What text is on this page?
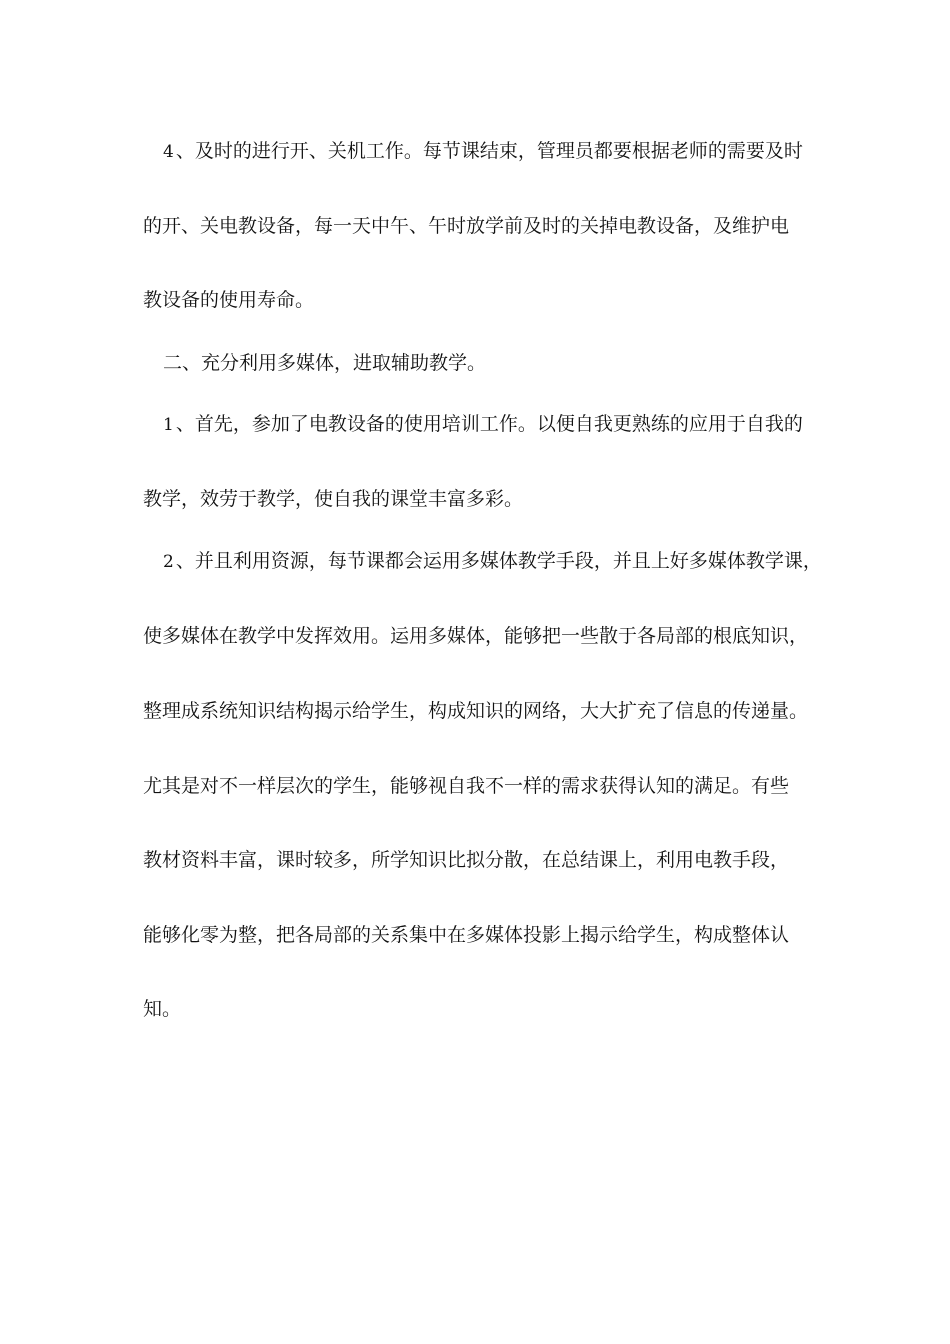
4 、及时的进行开、关机工作。每节课结束，管理员都要根据老师的需要及时
的开、关电教设备，每一天中午、午时放学前及时的关掉电教设备，及维护电
教设备的使用寿命。
二、充分利用多媒体，进取辅助教学。
1 、首先，参加了电教设备的使用培训工作。以便自我更熟练的应用于自我的
教学，效劳于教学，使自我的课堂丰富多彩。
2 、并且利用资源，每节课都会运用多媒体教学手段，并且上好多媒体教学课，
使多媒体在教学中发挥效用。运用多媒体，能够把一些散于各局部的根底知识，
整理成系统知识结构揭示给学生，构成知识的网络，大大扩充了信息的传递量。
尤其是对不一样层次的学生，能够视自我不一样的需求获得认知的满足。有些
教材资料丰富，课时较多，所学知识比拟分散，在总结课上，利用电教手段，
能够化零为整，把各局部的关系集中在多媒体投影上揭示给学生，构成整体认
知。
